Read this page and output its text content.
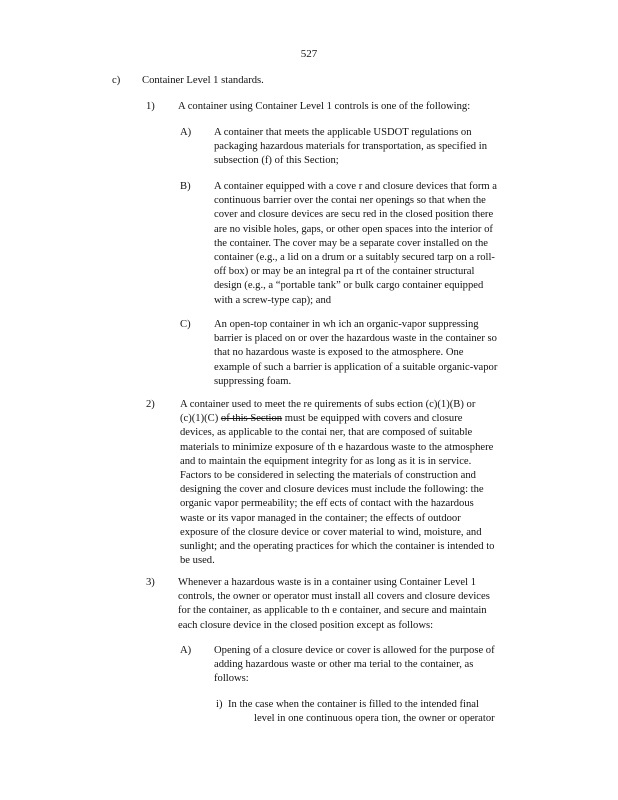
527

c) Container Level 1 standards.
1) A container using Container Level 1 controls is one of the following:
A) A container that meets the applicable USDOT regulations on
packaging hazardous materials for transportation, as specified in
subsection (f) of this Section;
B) A container equipped with a cove r and closure devices that form a
continuous barrier over the contai ner openings so that when the
cover and closure devices are secu red in the closed position there
are no visible holes, gaps, or other open spaces into the interior of
the container. The cover may be a separate cover installed on the
container (e.g., a lid on a drum or a suitably secured tarp on a roll-
off box) or may be an integral pa rt of the container structural
design (e.g., a “portable tank” or bulk cargo container equipped
with a screw-type cap); and
C) An open-top container in wh ich an organic-vapor suppressing
barrier is placed on or over the hazardous waste in the container so
that no hazardous waste is exposed to the atmosphere. One
example of such a barrier is application of a suitable organic-vapor
suppressing foam.
2) A container used to meet the re quirements of subs ection (c)(1)(B) or
(c)(1)(C) of this Section must be equipped with covers and closure
devices, as applicable to the contai ner, that are composed of suitable
materials to minimize exposure of th e hazardous waste to the atmosphere
and to maintain the equipment integrity for as long as it is in service.
Factors to be considered in selecting the materials of construction and
designing the cover and closure devices must include the following: the
organic vapor permeability; the eff ects of contact with the hazardous
waste or its vapor managed in the container; the effects of outdoor
exposure of the closure device or cover material to wind, moisture, and
sunlight; and the operating practices for which the container is intended to
be used.
3) Whenever a hazardous waste is in a container using Container Level 1
controls, the owner or operator must install all covers and closure devices
for the container, as applicable to th e container, and secure and maintain
each closure device in the closed position except as follows:
A) Opening of a closure device or cover is allowed for the purpose of
adding hazardous waste or other ma terial to the container, as
follows:
i) In the case when the container is filled to the intended final
level in one continuous opera tion, the owner or operator
